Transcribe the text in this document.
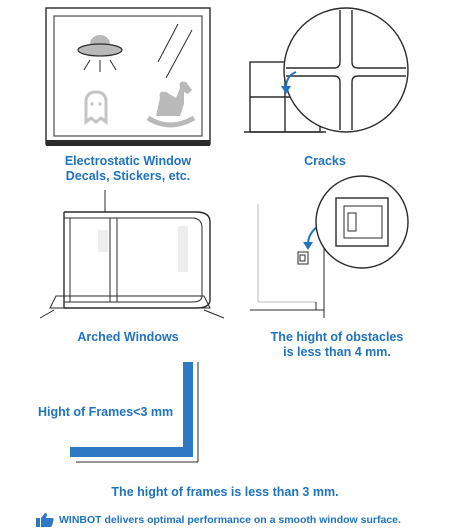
Electrostatic Window
Decals, Stickers, etc.
Cracks
Arched Windows	The hight of obstacles
is less than 4 mm.
Hight of Frames<3 mm
The hight of frames is less than 3 mm.
WINBOT delivers optimal performance on a smooth window surface.
